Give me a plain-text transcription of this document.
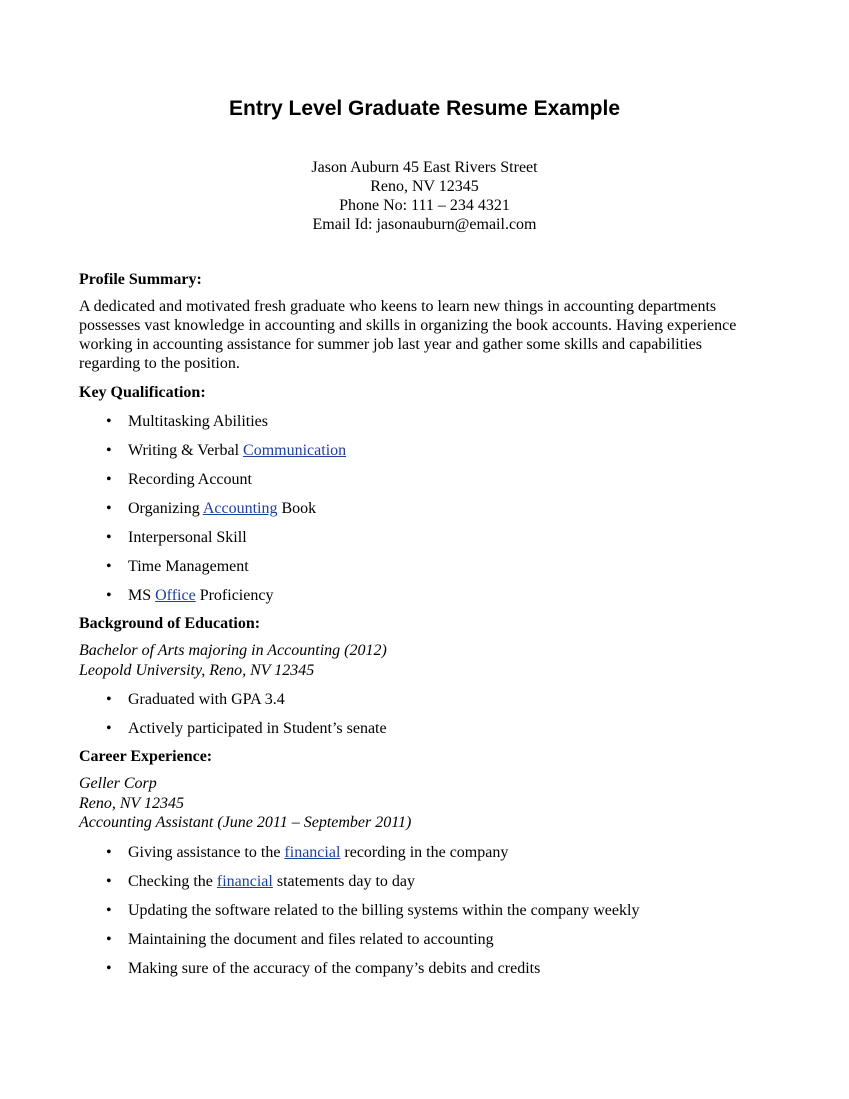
Entry Level Graduate Resume Example
Jason Auburn 45 East Rivers Street
Reno, NV 12345
Phone No: 111 – 234 4321
Email Id: jasonauburn@email.com
Profile Summary:
A dedicated and motivated fresh graduate who keens to learn new things in accounting departments
possesses vast knowledge in accounting and skills in organizing the book accounts. Having experience
working in accounting assistance for summer job last year and gather some skills and capabilities
regarding to the position.
Key Qualification:
• Multitasking Abilities
• Writing & Verbal Communication
• Recording Account
• Organizing Accounting Book
• Interpersonal Skill
• Time Management
• MS Office Proficiency
Background of Education:
Bachelor of Arts majoring in Accounting (2012)
Leopold University, Reno, NV 12345
• Graduated with GPA 3.4
• Actively participated in Student’s senate
Career Experience:
Geller Corp
Reno, NV 12345
Accounting Assistant (June 2011 – September 2011)
• Giving assistance to the financial recording in the company
• Checking the financial statements day to day
• Updating the software related to the billing systems within the company weekly
• Maintaining the document and files related to accounting
• Making sure of the accuracy of the company’s debits and credits
